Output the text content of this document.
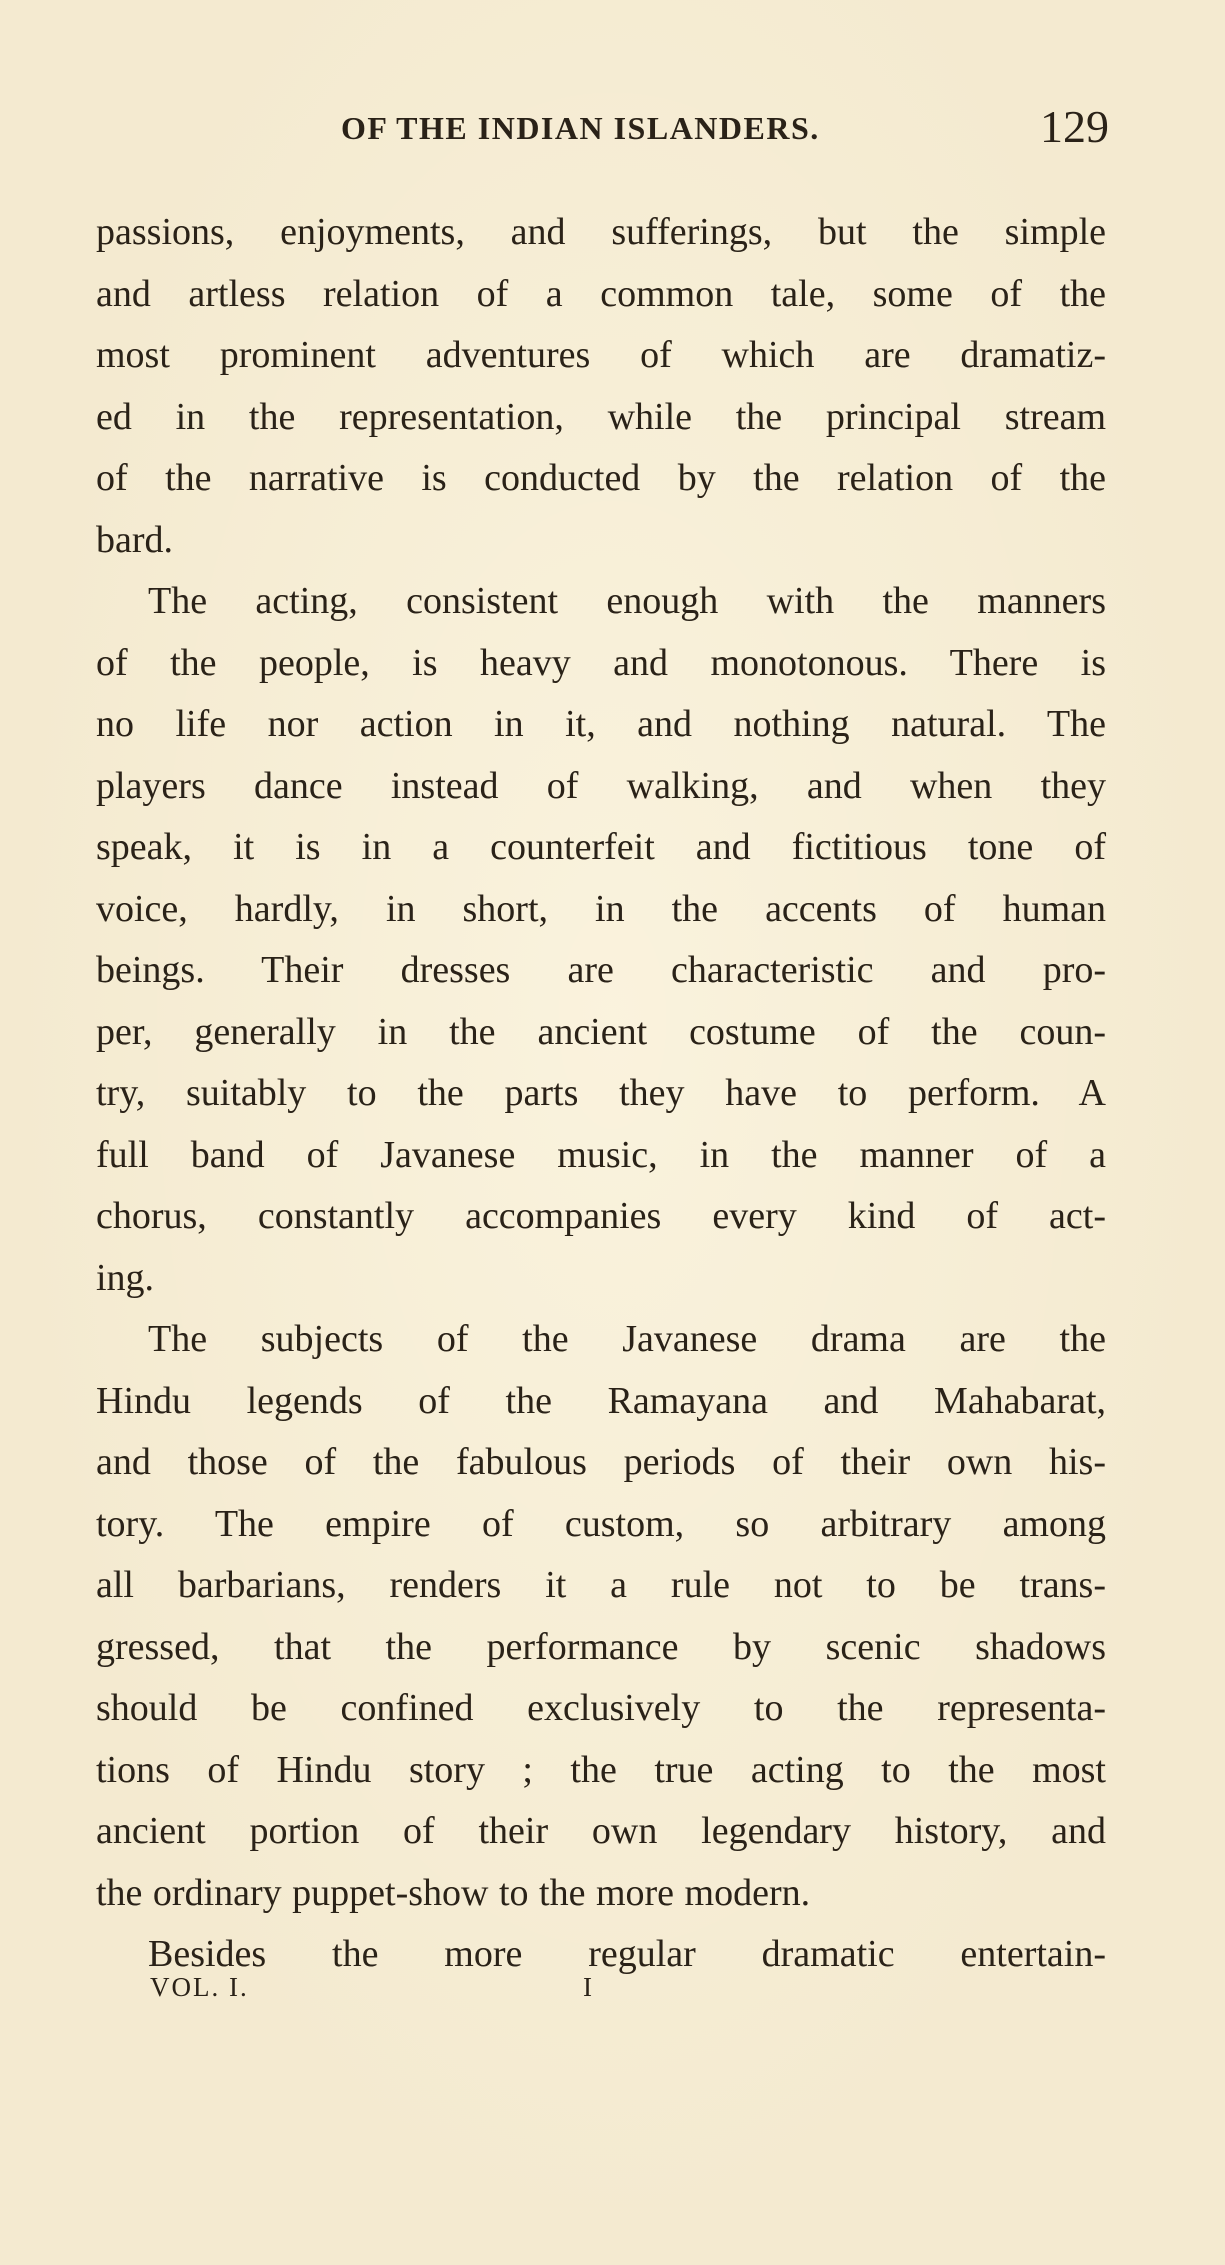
OF THE INDIAN ISLANDERS.	129
passions, enjoyments, and sufferings, but the simple
and artless relation of a common tale, some of the
most prominent adventures of which are dramatiz-
ed in the representation, while the principal stream
of the narrative is conducted by the relation of the
bard.
The acting, consistent enough with the manners
of the people, is heavy and monotonous. There is
no life nor action in it, and nothing natural. The
players dance instead of walking, and when they
speak, it is in a counterfeit and fictitious tone of
voice, hardly, in short, in the accents of human
beings. Their dresses are characteristic and pro-
per, generally in the ancient costume of the coun-
try, suitably to the parts they have to perform. A
full band of Javanese music, in the manner of a
chorus, constantly accompanies every kind of act-
ing.
The subjects of the Javanese drama are the
Hindu legends of the Ramayana and Mahabarat,
and those of the fabulous periods of their own his-
tory. The empire of custom, so arbitrary among
all barbarians, renders it a rule not to be trans-
gressed, that the performance by scenic shadows
should be confined exclusively to the representa-
tions of Hindu story ; the true acting to the most
ancient portion of their own legendary history, and
the ordinary puppet-show to the more modern.
Besides the more regular dramatic entertain-
VOL. I.	I
